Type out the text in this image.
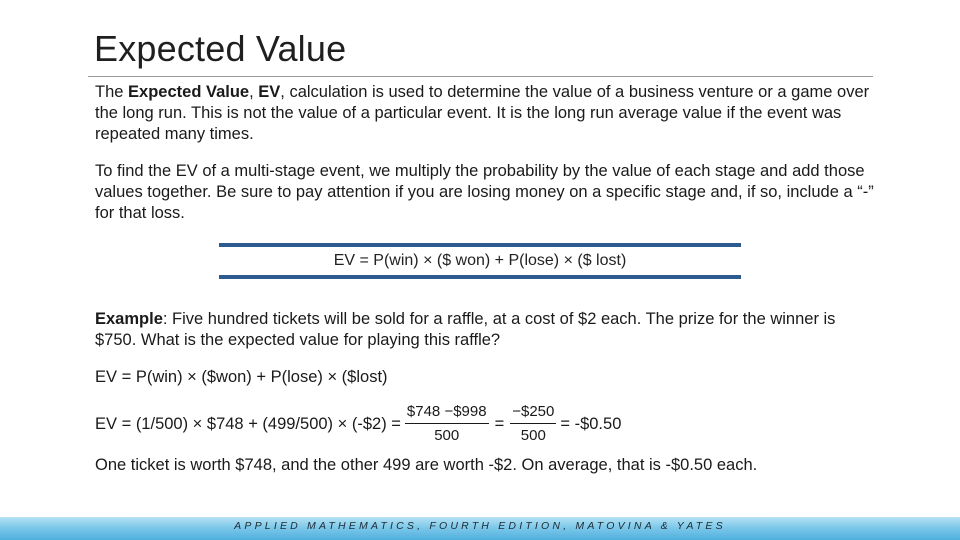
Expected Value
The Expected Value, EV, calculation is used to determine the value of a business venture or a game over the long run. This is not the value of a particular event. It is the long run average value if the event was repeated many times.
To find the EV of a multi-stage event, we multiply the probability by the value of each stage and add those values together. Be sure to pay attention if you are losing money on a specific stage and, if so, include a “-” for that loss.
EV = P(win) × ($ won) + P(lose) × ($ lost)
Example: Five hundred tickets will be sold for a raffle, at a cost of $2 each. The prize for the winner is $750. What is the expected value for playing this raffle?
EV = P(win) × ($won) + P(lose) × ($lost)
EV = (1/500) × $748 + (499/500) × (-$2) = $\frac{\$748 -\$998}{500} = \frac{-\$250}{500}$ = -$0.50
One ticket is worth $748, and the other 499 are worth -$2. On average, that is -$0.50 each.
APPLIED MATHEMATICS, FOURTH EDITION, MATOVINA & YATES
